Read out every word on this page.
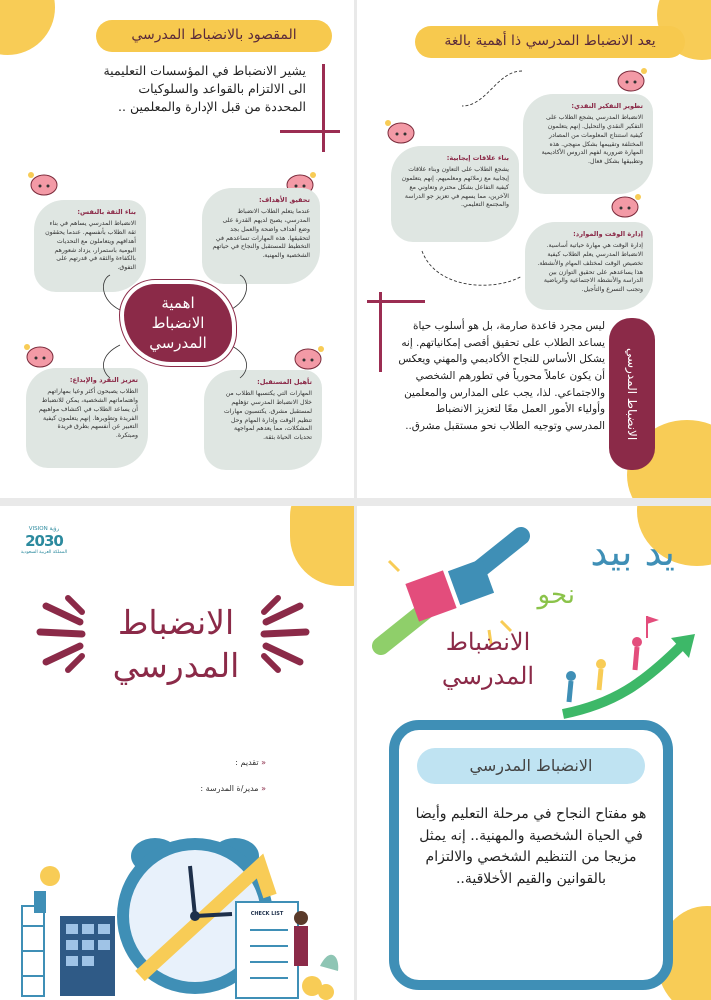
المقصود بالانضباط المدرسي
يشير الانضباط في المؤسسات التعليمية الى الالتزام بالقواعد والسلوكيات المحددة من قبل الإدارة والمعلمين ..
بناء الثقة بالنفس:
الانضباط المدرسي يساهم في بناء ثقة الطلاب بأنفسهم. عندما يحققون أهدافهم ويتعاملون مع التحديات اليومية باستمرار، يزداد شعورهم بالكفاءة والثقة في قدرتهم على التفوق.
تحقيق الأهداف:
عندما يتعلم الطلاب الانضباط المدرسي، يصبح لديهم القدرة على وضع أهداف واضحة والعمل بجد لتحقيقها. هذه المهارات تساعدهم في التخطيط للمستقبل والنجاح في حياتهم الشخصية والمهنية.
تعزيز التفرد والإبداع:
الطلاب يصبحون أكثر وعيا بمهاراتهم واهتماماتهم الشخصية، يمكن للانضباط أن يساعد الطلاب في اكتشاف مواهبهم الفريدة وتطويرها. إنهم يتعلمون كيفية التعبير عن أنفسهم بطرق فريدة ومبتكرة.
تأهيل المستقبل:
المهارات التي يكتسبها الطلاب من خلال الانضباط المدرسي تؤهلهم لمستقبل مشرق. يكتسبون مهارات تنظيم الوقت وإدارة المهام وحل المشكلات، مما يعدهم لمواجهة تحديات الحياة بثقة.
اهمية الانضباط المدرسي
يعد الانضباط المدرسي ذا أهمية بالغة
تطوير التفكير النقدي:
الانضباط المدرسي يشجع الطلاب على التفكير النقدي والتحليل. إنهم يتعلمون كيفية استنتاج المعلومات من المصادر المختلفة وتقييمها بشكل منهجي. هذه المهارة ضرورية لفهم الدروس الأكاديمية وتطبيقها بشكل فعال.
بناء علاقات إيجابية:
يشجع الطلاب على التعاون وبناء علاقات إيجابية مع زملائهم ومعلميهم. إنهم يتعلمون كيفية التفاعل بشكل محترم وتعاوني مع الآخرين، مما يسهم في تعزيز جو الدراسة والمجتمع التعليمي.
إدارة الوقت والموارد:
إدارة الوقت هي مهارة حياتية أساسية. الانضباط المدرسي يعلم الطلاب كيفية تخصيص الوقت لمختلف المهام والأنشطة. هذا يساعدهم على تحقيق التوازن بين الدراسة والأنشطة الاجتماعية والرياضية وتجنب التسرع والتأجيل.
ليس مجرد قاعدة صارمة، بل هو أسلوب حياة يساعد الطلاب على تحقيق أقصى إمكانياتهم. إنه يشكل الأساس للنجاح الأكاديمي والمهني ويعكس أن يكون عاملاً محورياً في تطورهم الشخصي والاجتماعي. لذا، يجب على المدارس والمعلمين وأولياء الأمور العمل معًا لتعزيز الانضباط المدرسي وتوجيه الطلاب نحو مستقبل مشرق.. الانضباط المدرسي
VISION رؤية
2030
المملكة العربية السعودية
الانضباط
المدرسي
« تقديم :
« مدير/ة المدرسة :
CHECK LIST
يد بيد
نحو
الانضباط
المدرسي
الانضباط المدرسي
هو مفتاح النجاح في مرحلة التعليم وأيضا في الحياة الشخصية والمهنية.. إنه يمثل مزيجا من التنظيم الشخصي والالتزام بالقوانين والقيم الأخلاقية..
